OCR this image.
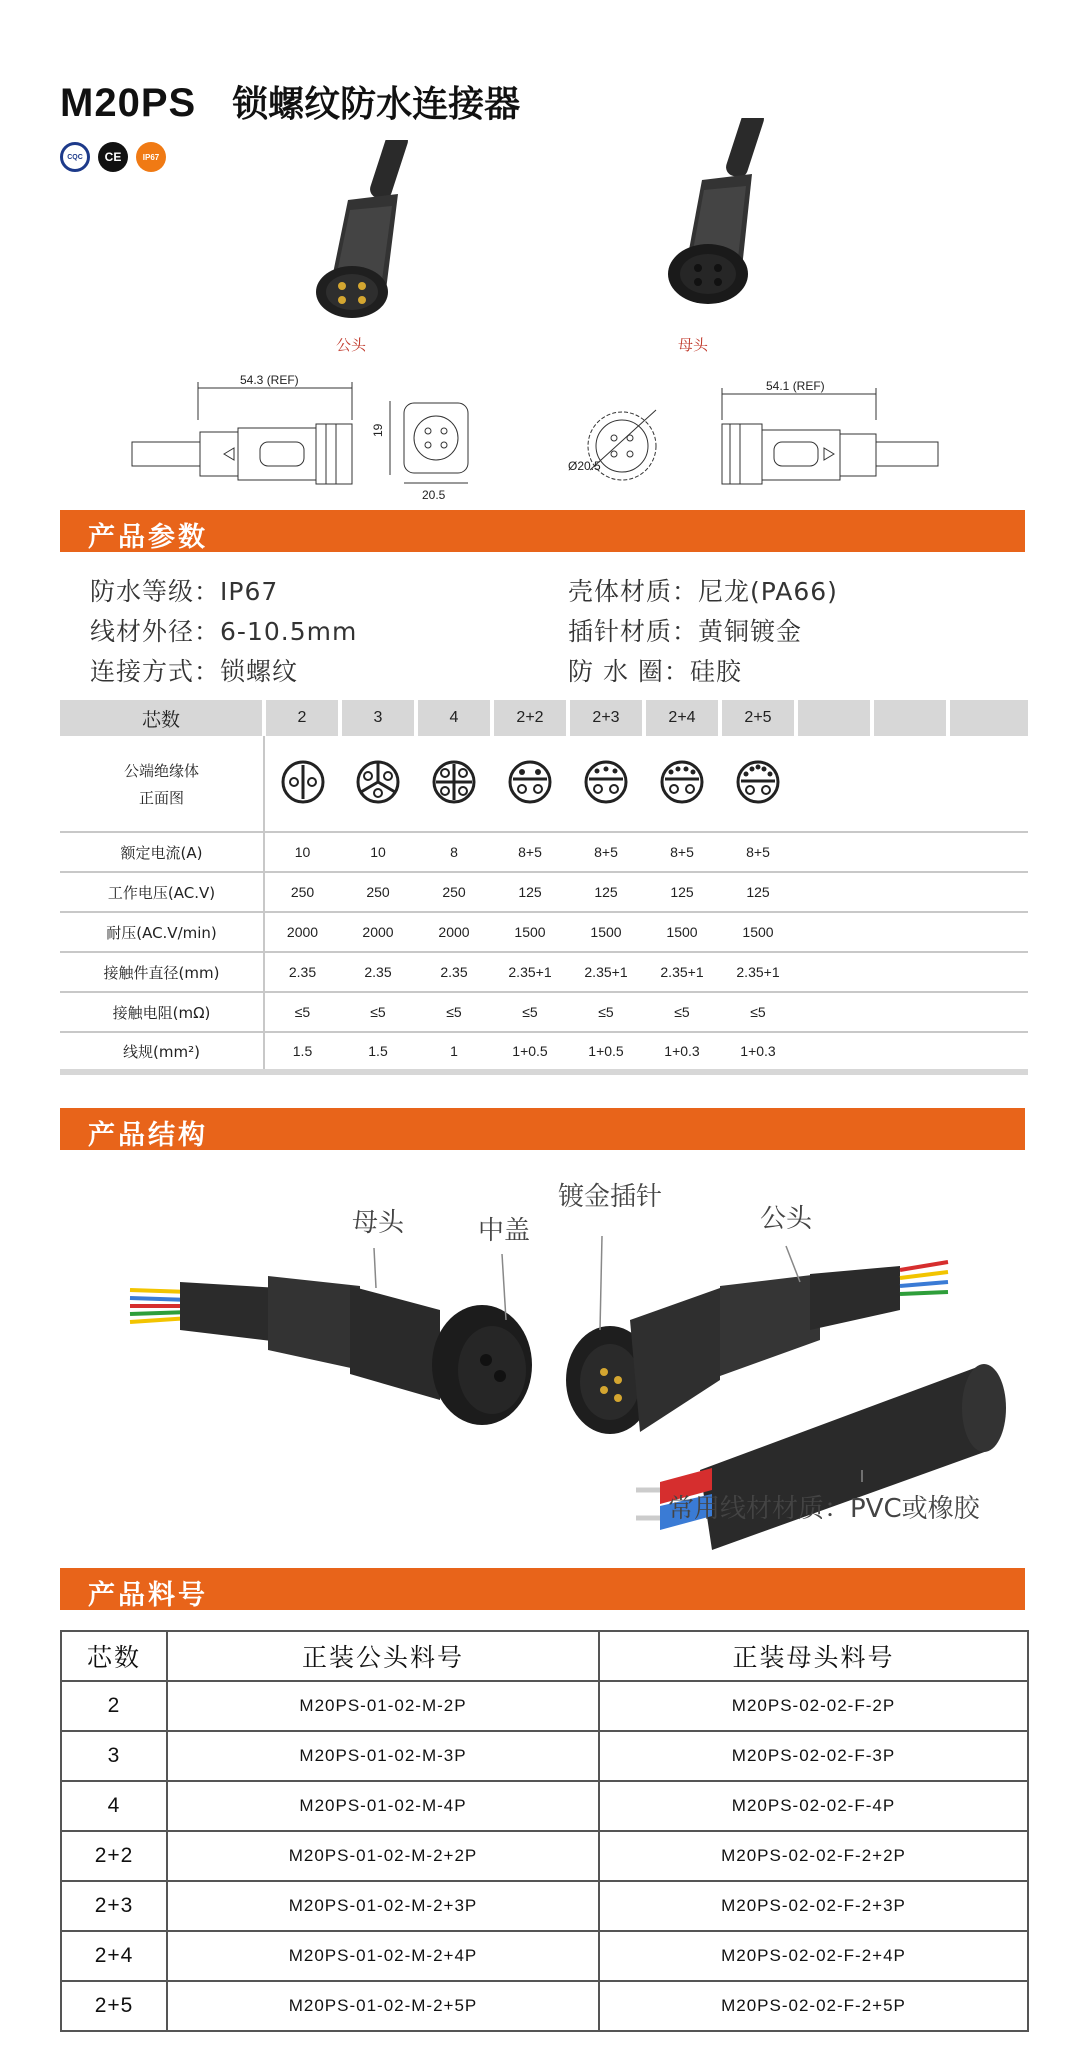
M20PS 锁螺纹防水连接器
CQC	CE	IP67
公头	母头
54.3 (REF)
19
20.5
Ø20.5
54.1 (REF)
产品参数
防水等级：IP67	壳体材质：尼龙(PA66)
线材外径：6-10.5mm	插针材质：黄铜镀金
连接方式：锁螺纹	防 水 圈：硅胶
芯数	2	3	4	2+2	2+3	2+4	2+5			

公端绝缘体
正面图

额定电流(A)	10	10	8	8+5	8+5	8+5	8+5			
工作电压(AC.V)	250	250	250	125	125	125	125			
耐压(AC.V/min)	2000	2000	2000	1500	1500	1500	1500			
接触件直径(mm)	2.35	2.35	2.35	2.35+1	2.35+1	2.35+1	2.35+1			
接触电阻(mΩ)	≤5	≤5	≤5	≤5	≤5	≤5	≤5			
线规(mm²)	1.5	1.5	1	1+0.5	1+0.5	1+0.3	1+0.3			
产品结构
母头	中盖
镀金插针
公头
常用线材材质：PVC或橡胶
产品料号
芯数	正装公头料号	正装母头料号
2	M20PS-01-02-M-2P	M20PS-02-02-F-2P
3	M20PS-01-02-M-3P	M20PS-02-02-F-3P
4	M20PS-01-02-M-4P	M20PS-02-02-F-4P
2+2	M20PS-01-02-M-2+2P	M20PS-02-02-F-2+2P
2+3	M20PS-01-02-M-2+3P	M20PS-02-02-F-2+3P
2+4	M20PS-01-02-M-2+4P	M20PS-02-02-F-2+4P
2+5	M20PS-01-02-M-2+5P	M20PS-02-02-F-2+5P
